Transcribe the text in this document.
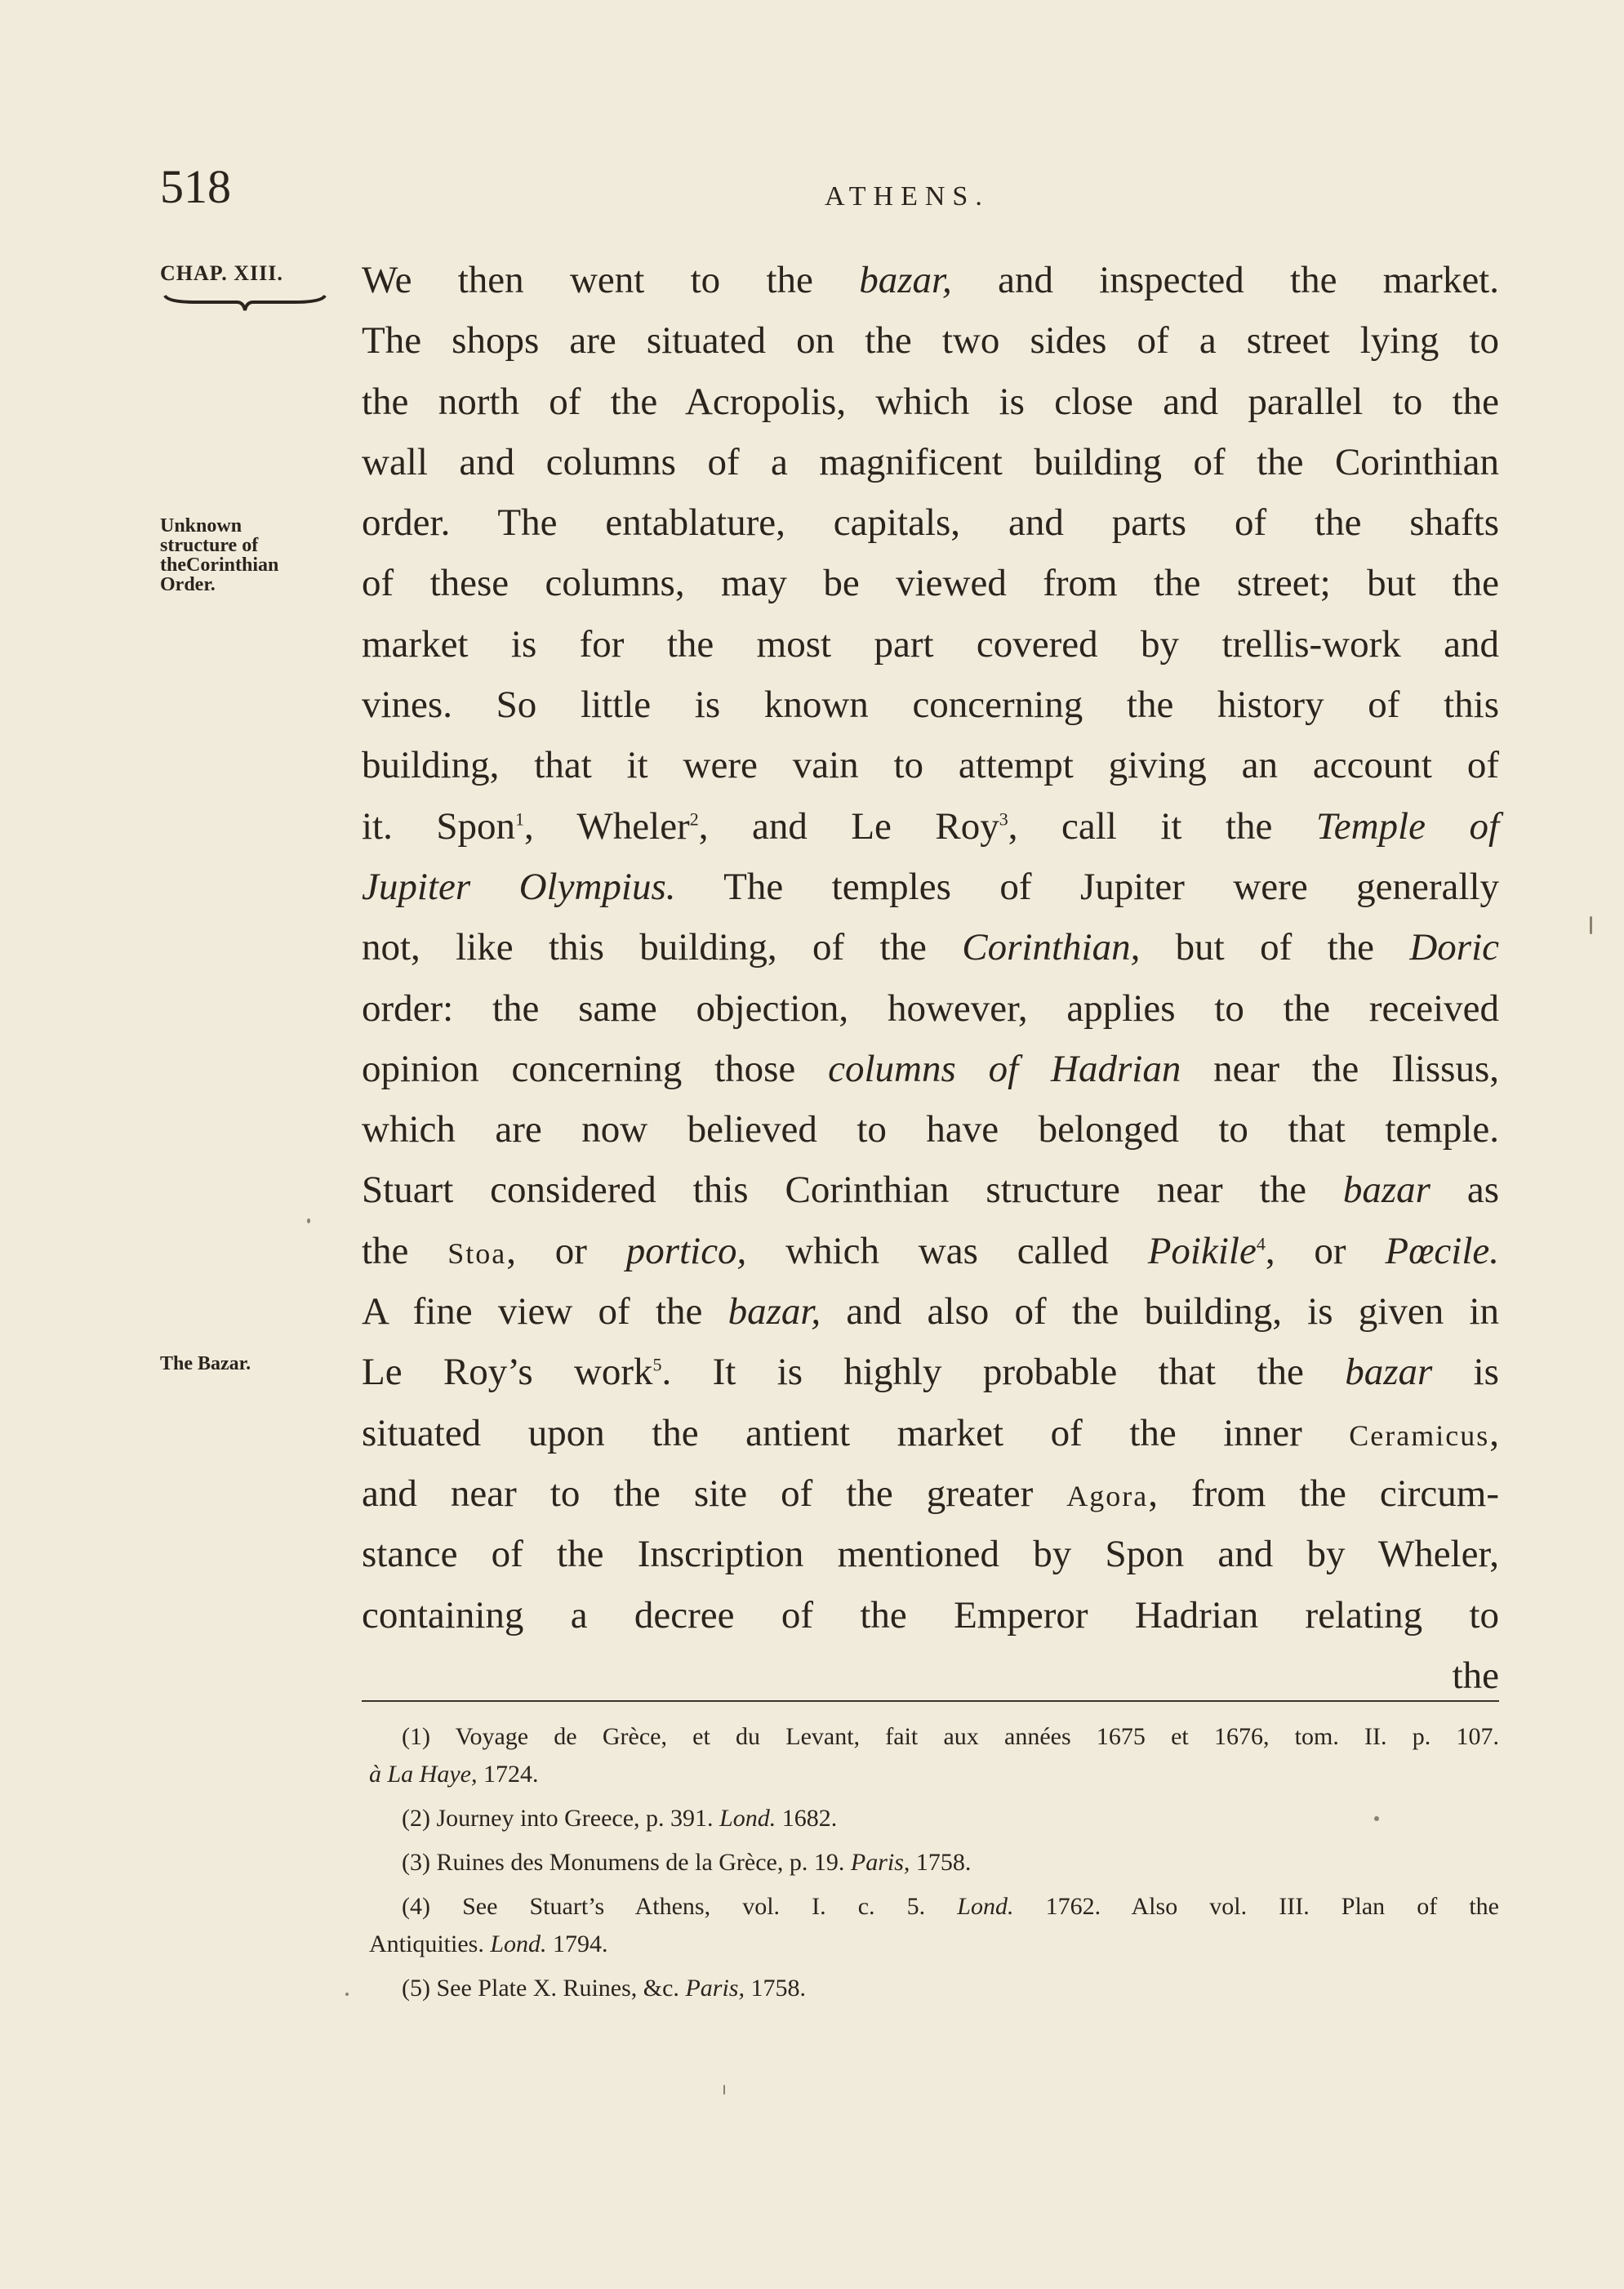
518	ATHENS.
CHAP. XIII.
Unknown
structure of
theCorinthian
Order.
The Bazar.
We then went to the bazar, and inspected the market.
The shops are situated on the two sides of a street lying to
the north of the Acropolis, which is close and parallel to the
wall and columns of a magnificent building of the Corinthian
order. The entablature, capitals, and parts of the shafts
of these columns, may be viewed from the street; but the
market is for the most part covered by trellis-work and
vines. So little is known concerning the history of this
building, that it were vain to attempt giving an account of
it. Spon$^1$, Wheler$^2$, and Le Roy$^3$, call it the Temple of
Jupiter Olympius. The temples of Jupiter were generally
not, like this building, of the Corinthian, but of the Doric
order: the same objection, however, applies to the received
opinion concerning those columns of Hadrian near the Ilissus,
which are now believed to have belonged to that temple.
Stuart considered this Corinthian structure near the bazar as
the Stoa, or portico, which was called Poikile$^4$, or Pœcile.
A fine view of the bazar, and also of the building, is given in
Le Roy’s work$^5$. It is highly probable that the bazar is
situated upon the antient market of the inner Ceramicus,
and near to the site of the greater Agora, from the circum-
stance of the Inscription mentioned by Spon and by Wheler,
containing a decree of the Emperor Hadrian relating to
the
(1) Voyage de Grèce, et du Levant, fait aux années 1675 et 1676, tom. II. p. 107.
à La Haye, 1724.
(2) Journey into Greece, p. 391. Lond. 1682.
(3) Ruines des Monumens de la Grèce, p. 19. Paris, 1758.
(4) See Stuart’s Athens, vol. I. c. 5. Lond. 1762. Also vol. III. Plan of the
Antiquities. Lond. 1794.
(5) See Plate X. Ruines, &c. Paris, 1758.
